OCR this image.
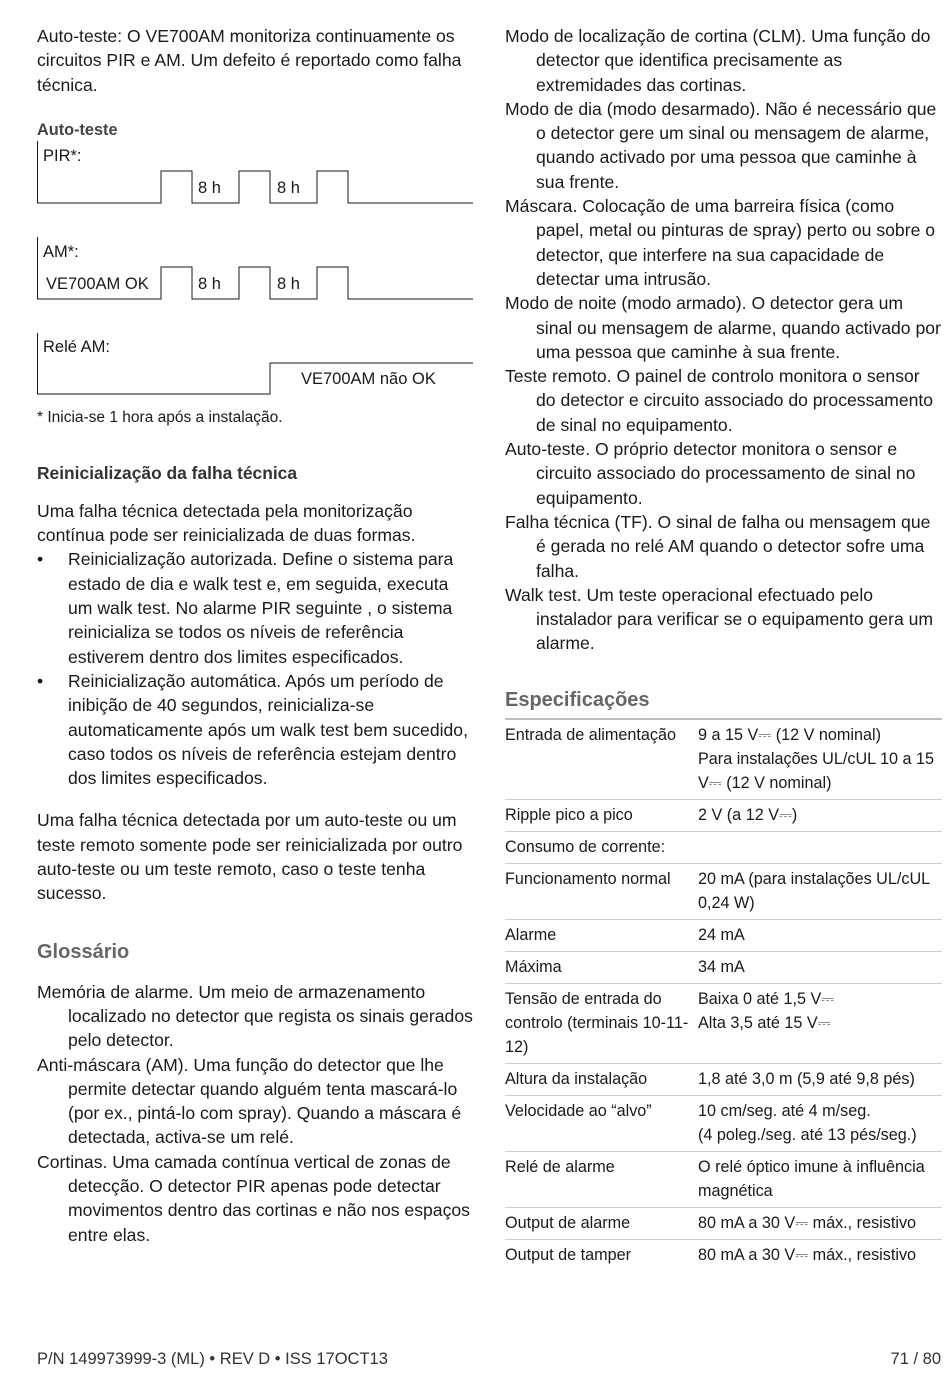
Auto-teste: O VE700AM monitoriza continuamente os circuitos PIR e AM. Um defeito é reportado como falha técnica.

Auto-teste
PIR*:
8 h	8 h
AM*:
VE700AM OK	8 h	8 h
Relé AM:
VE700AM não OK

* Inicia-se 1 hora após a instalação.

Reinicialização da falha técnica

Uma falha técnica detectada pela monitorização contínua pode ser reinicializada de duas formas.

• Reinicialização autorizada. Define o sistema para estado de dia e walk test e, em seguida, executa um walk test. No alarme PIR seguinte , o sistema reinicializa se todos os níveis de referência estiverem dentro dos limites especificados.
• Reinicialização automática. Após um período de inibição de 40 segundos, reinicializa-se automaticamente após um walk test bem sucedido, caso todos os níveis de referência estejam dentro dos limites especificados.

Uma falha técnica detectada por um auto-teste ou um teste remoto somente pode ser reinicializada por outro auto-teste ou um teste remoto, caso o teste tenha sucesso.

Glossário

Memória de alarme. Um meio de armazenamento localizado no detector que regista os sinais gerados pelo detector.

Anti-máscara (AM). Uma função do detector que lhe permite detectar quando alguém tenta mascará-lo (por ex., pintá-lo com spray). Quando a máscara é detectada, activa-se um relé.

Cortinas. Uma camada contínua vertical de zonas de detecção. O detector PIR apenas pode detectar movimentos dentro das cortinas e não nos espaços entre elas.

Modo de localização de cortina (CLM). Uma função do detector que identifica precisamente as extremidades das cortinas.

Modo de dia (modo desarmado). Não é necessário que o detector gere um sinal ou mensagem de alarme, quando activado por uma pessoa que caminhe à sua frente.

Máscara. Colocação de uma barreira física (como papel, metal ou pinturas de spray) perto ou sobre o detector, que interfere na sua capacidade de detectar uma intrusão.

Modo de noite (modo armado). O detector gera um sinal ou mensagem de alarme, quando activado por uma pessoa que caminhe à sua frente.

Teste remoto. O painel de controlo monitora o sensor do detector e circuito associado do processamento de sinal no equipamento.

Auto-teste. O próprio detector monitora o sensor e circuito associado do processamento de sinal no equipamento.

Falha técnica (TF). O sinal de falha ou mensagem que é gerada no relé AM quando o detector sofre uma falha.

Walk test. Um teste operacional efectuado pelo instalador para verificar se o equipamento gera um alarme.

Especificações
Entrada de alimentação	9 a 15 V⎓ (12 V nominal)
Para instalações UL/cUL 10 a 15 V⎓ (12 V nominal)

Ripple pico a pico	2 V (a 12 V⎓)

Consumo de corrente:	

Funcionamento normal	20 mA (para instalações UL/cUL 0,24 W)

Alarme	24 mA

Máxima	34 mA

Tensão de entrada do controlo (terminais 10-11-12)	Baixa 0 até 1,5 V⎓
Alta 3,5 até 15 V⎓

Altura da instalação	1,8 até 3,0 m (5,9 até 9,8 pés)

Velocidade ao “alvo”	10 cm/seg. até 4 m/seg.
(4 poleg./seg. até 13 pés/seg.)

Relé de alarme	O relé óptico imune à influência magnética

Output de alarme	80 mA a 30 V⎓ máx., resistivo

Output de tamper	80 mA a 30 V⎓ máx., resistivo
P/N 149973999-3 (ML) • REV D • ISS 17OCT13	71 / 80
